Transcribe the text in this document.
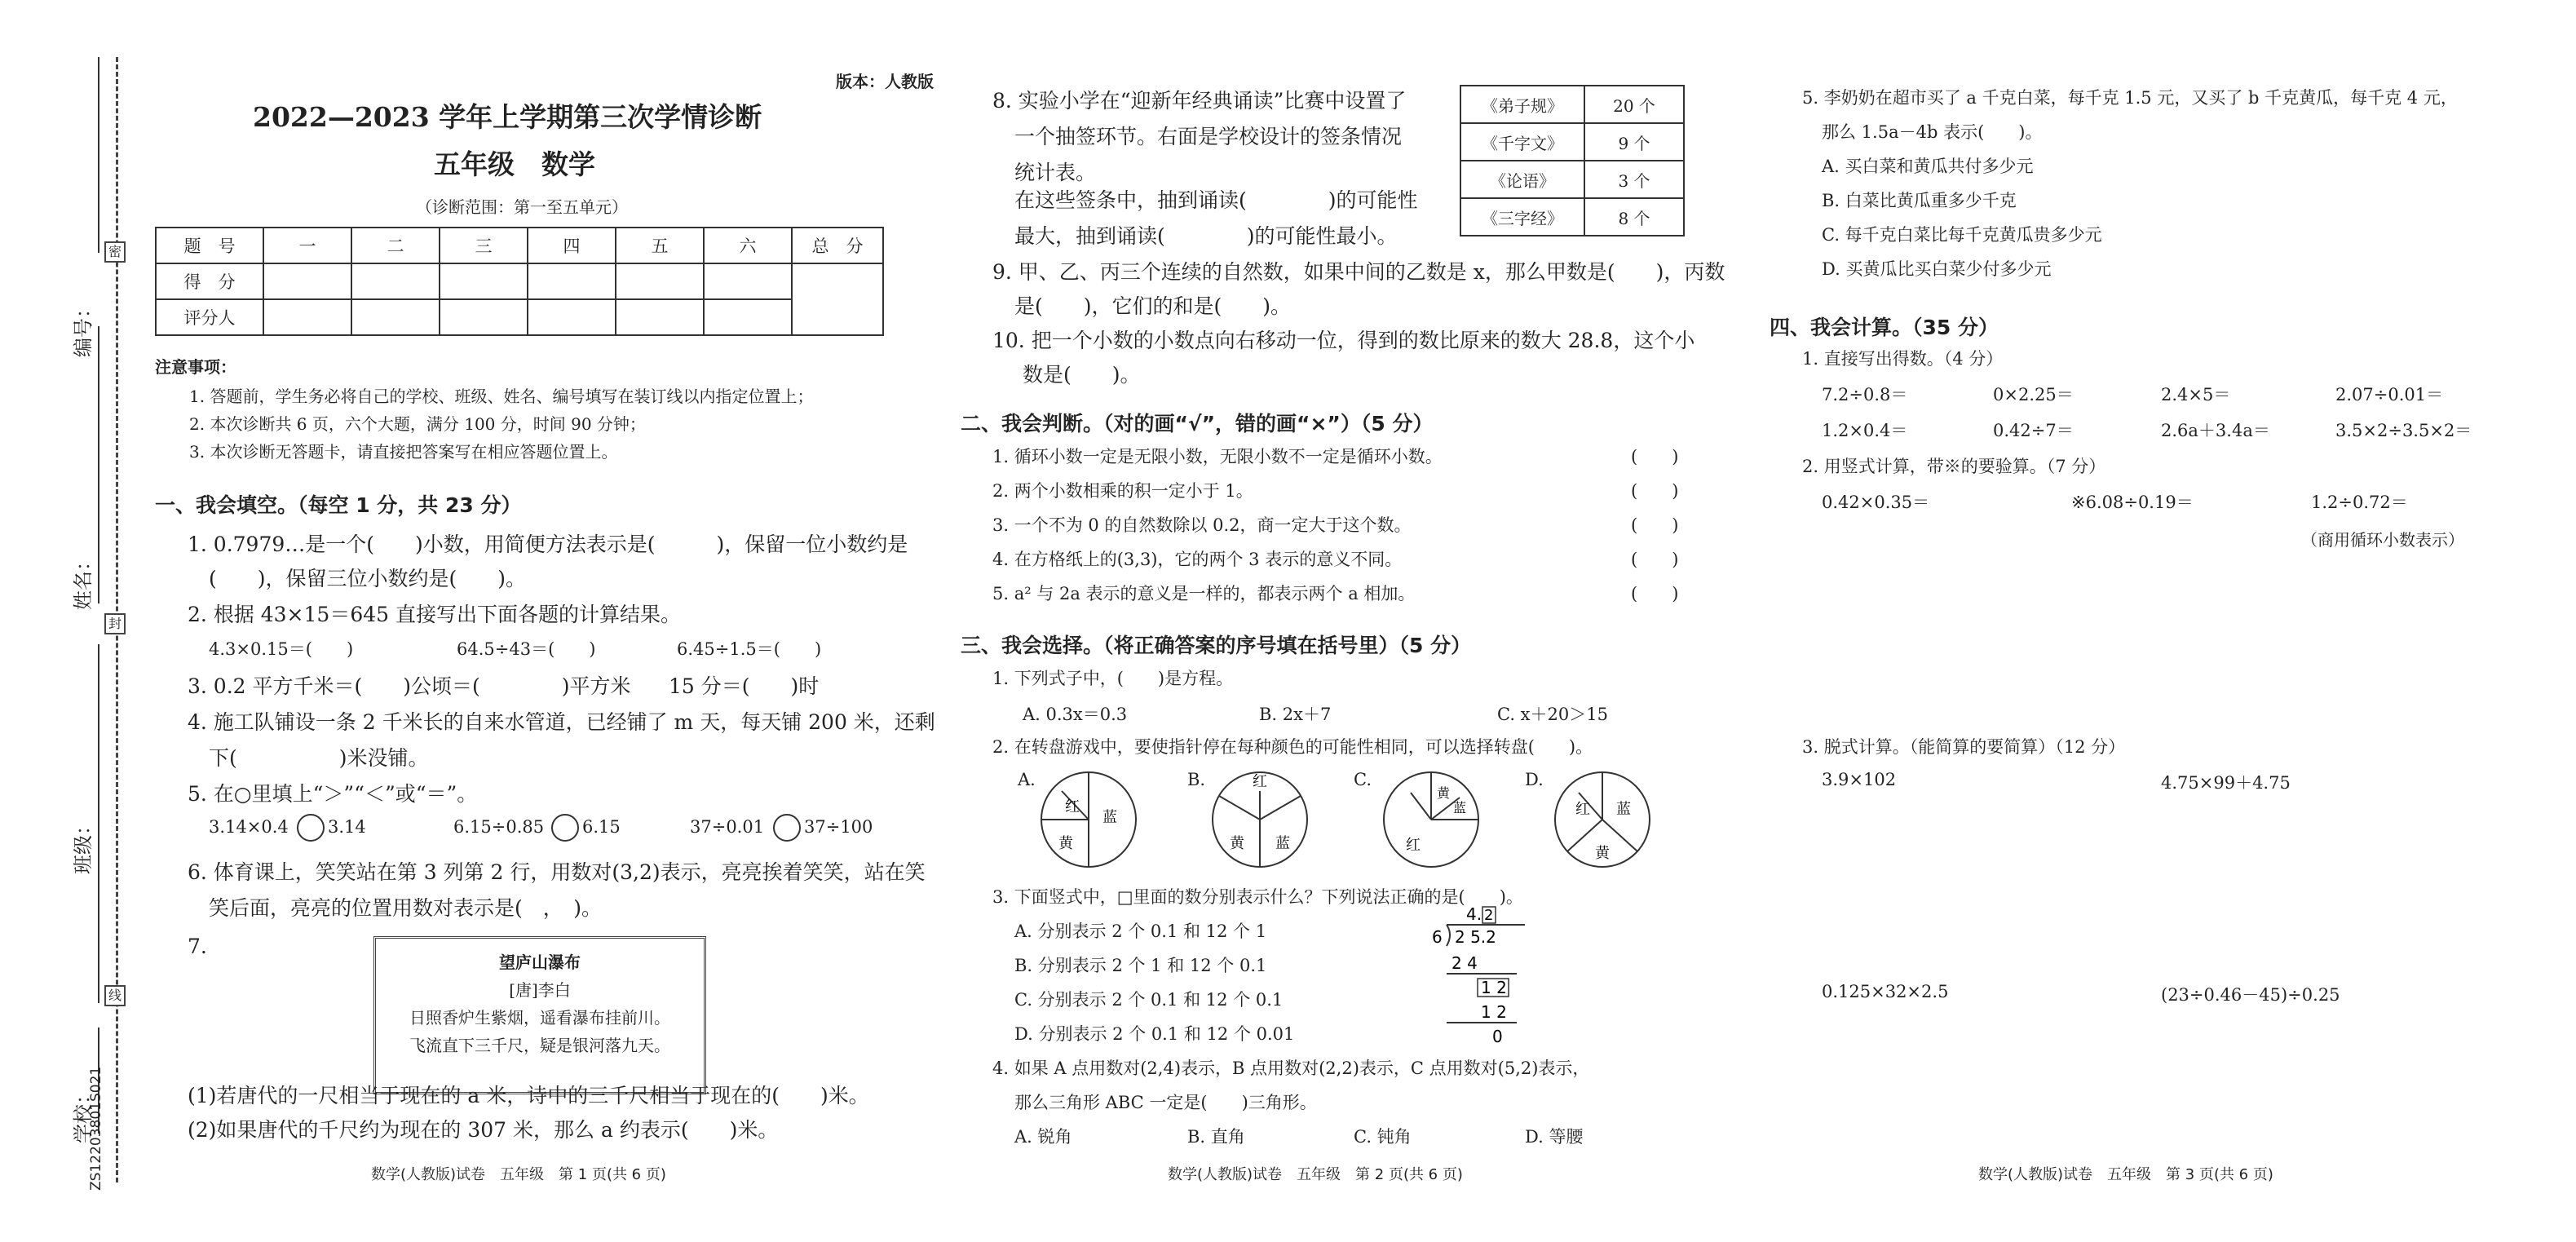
编号：
姓名：
班级：
学校：
ZS12203801S021
密
封
线
版本：人教版
2022—2023 学年上学期第三次学情诊断
五年级　数学
（诊断范围：第一至五单元）
题　号	一	二	三	四	五	六	总　分
得　分							
评分人							
注意事项：
1. 答题前，学生务必将自己的学校、班级、姓名、编号填写在装订线以内指定位置上；
2. 本次诊断共 6 页，六个大题，满分 100 分，时间 90 分钟；
3. 本次诊断无答题卡，请直接把答案写在相应答题位置上。
一、我会填空。（每空 1 分，共 23 分）
1. 0.7979…是一个(　　)小数，用简便方法表示是(　　　)，保留一位小数约是
(　　)，保留三位小数约是(　　)。
2. 根据 43×15＝645 直接写出下面各题的计算结果。
4.3×0.15＝(　　)	64.5÷43＝(　　)	6.45÷1.5＝(　　)
3. 0.2 平方千米＝(　　)公顷＝(　　　　)平方米 15 分＝(　　)时
4. 施工队铺设一条 2 千米长的自来水管道，已经铺了 m 天，每天铺 200 米，还剩
下(　　　　　)米没铺。
5. 在○里填上“＞”“＜”或“＝”。
3.14×0.4 3.14	6.15÷0.85 6.15	37÷0.01 37÷100
6. 体育课上，笑笑站在第 3 列第 2 行，用数对(3,2)表示，亮亮挨着笑笑，站在笑
笑后面，亮亮的位置用数对表示是(　，　)。
7.
望庐山瀑布
[唐]李白
日照香炉生紫烟，遥看瀑布挂前川。
飞流直下三千尺，疑是银河落九天。
(1)若唐代的一尺相当于现在的 a 米，诗中的三千尺相当于现在的(　　)米。
(2)如果唐代的千尺约为现在的 307 米，那么 a 约表示(　　)米。
数学(人教版)试卷　五年级　第 1 页(共 6 页)
8. 实验小学在“迎新年经典诵读”比赛中设置了
一个抽签环节。右面是学校设计的签条情况
统计表。
在这些签条中，抽到诵读(　　　　)的可能性
最大，抽到诵读(　　　　)的可能性最小。
《弟子规》	20 个
《千字文》	9 个
《论语》	3 个
《三字经》	8 个
9. 甲、乙、丙三个连续的自然数，如果中间的乙数是 x，那么甲数是(　　)，丙数
是(　　)，它们的和是(　　)。
10. 把一个小数的小数点向右移动一位，得到的数比原来的数大 28.8，这个小
数是(　　)。
二、我会判断。（对的画“√”，错的画“×”）（5 分）
1. 循环小数一定是无限小数，无限小数不一定是循环小数。
2. 两个小数相乘的积一定小于 1。
3. 一个不为 0 的自然数除以 0.2，商一定大于这个数。
4. 在方格纸上的(3,3)，它的两个 3 表示的意义不同。
5. a² 与 2a 表示的意义是一样的，都表示两个 a 相加。
(　　)
(　　)
(　　)
(　　)
(　　)
三、我会选择。（将正确答案的序号填在括号里）（5 分）
1. 下列式子中，(　　)是方程。
A. 0.3x＝0.3	B. 2x＋7	C. x＋20＞15
2. 在转盘游戏中，要使指针停在每种颜色的可能性相同，可以选择转盘(　　)。
A.	B.	C.	D.
红
蓝
黄
红
黄 蓝
黄
蓝
红
红 蓝
黄
3. 下面竖式中，□里面的数分别表示什么？下列说法正确的是(　　)。
A. 分别表示 2 个 0.1 和 12 个 1
B. 分别表示 2 个 1 和 12 个 0.1
C. 分别表示 2 个 0.1 和 12 个 0.1
D. 分别表示 2 个 0.1 和 12 个 0.01
4. 2
6 2 5.2
2 4
1 2
1 2
0
4. 如果 A 点用数对(2,4)表示，B 点用数对(2,2)表示，C 点用数对(5,2)表示，
那么三角形 ABC 一定是(　　)三角形。
A. 锐角	B. 直角	C. 钝角	D. 等腰
数学(人教版)试卷　五年级　第 2 页(共 6 页)
5. 李奶奶在超市买了 a 千克白菜，每千克 1.5 元，又买了 b 千克黄瓜，每千克 4 元，
那么 1.5a－4b 表示(　　)。
A. 买白菜和黄瓜共付多少元
B. 白菜比黄瓜重多少千克
C. 每千克白菜比每千克黄瓜贵多少元
D. 买黄瓜比买白菜少付多少元
四、我会计算。（35 分）
1. 直接写出得数。（4 分）
7.2÷0.8＝	0×2.25＝	2.4×5＝	2.07÷0.01＝
1.2×0.4＝	0.42÷7＝	2.6a＋3.4a＝	3.5×2÷3.5×2＝
2. 用竖式计算，带※的要验算。（7 分）
0.42×0.35＝	※6.08÷0.19＝	1.2÷0.72＝
（商用循环小数表示）
3. 脱式计算。（能简算的要简算）（12 分）
3.9×102	4.75×99＋4.75
0.125×32×2.5	(23÷0.46－45)÷0.25
数学(人教版)试卷　五年级　第 3 页(共 6 页)
